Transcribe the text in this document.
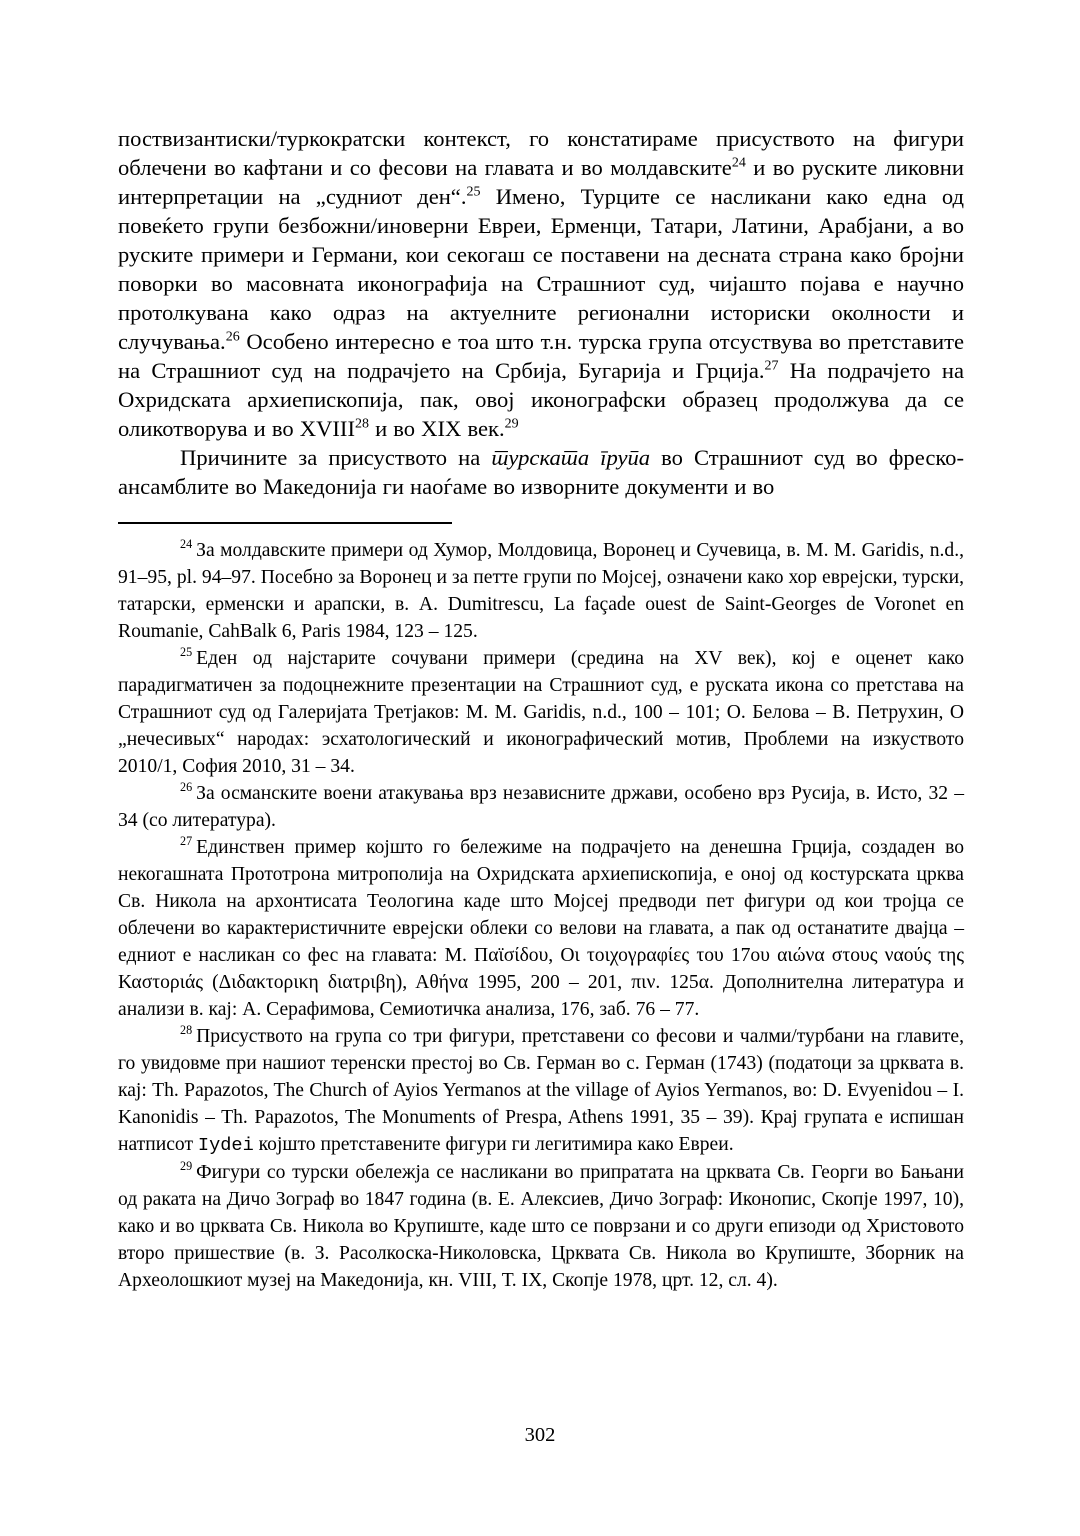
поствизантиски/туркократски контекст, го констатираме присуството на фигури облечени во кафтани и со фесови на главата и во молдавските$^{24}$ и во руските ликовни интерпретации на „судниот ден“.$^{25}$ Имено, Турците се насликани како една од повеќето групи безбожни/иноверни Евреи, Ерменци, Татари, Латини, Арабјани, а во руските примери и Германи, кои секогаш се поставени на десната страна како бројни поворки во масовната иконографија на Страшниот суд, чијашто појава е научно протолкувана како одраз на актуелните регионални историски околности и случувања.$^{26}$ Особено интересно е тоа што т.н. турска група отсуствува во претставите на Страшниот суд на подрачјето на Србија, Бугарија и Грција.$^{27}$ На подрачјето на Охридската архиепископија, пак, овој иконографски образец продолжува да се оликотворува и во XVIII$^{28}$ и во XIX век.$^{29}$

Причините за присуството на турската група во Страшниот суд во фреско-ансамблите во Македонија ги наоѓаме во изворните документи и во

$^{24}$ За молдавските примери од Хумор, Молдовица, Воронец и Сучевица, в. М. M. Garidis, n.d., 91–95, pl. 94–97. Посебно за Воронец и за петте групи по Мојсеј, означени како хор еврејски, турски, татарски, ерменски и арапски, в. A. Dumitrescu, La façade ouest de Saint-Georges de Voronet en Roumanie, CahBalk 6, Paris 1984, 123 – 125.

$^{25}$ Еден од најстарите сочувани примери (средина на XV век), кој е оценет како парадигматичен за подоцнежните презентации на Страшниот суд, е руската икона со претстава на Страшниот суд од Галеријата Третјаков: M. M. Garidis, n.d., 100 – 101; О. Белова – В. Петрухин, О „нечесивых“ народах: эсхатологический и иконографический мотив, Проблеми на изкуството 2010/1, София 2010, 31 – 34.

$^{26}$ За османските воени атакувања врз независните држави, особено врз Русија, в. Исто, 32 – 34 (со литература).

$^{27}$ Единствен пример којшто го бележиме на подрачјето на денешна Грција, создаден во некогашната Прототрона митрополија на Охридската архиепископија, е оној од костурската црква Св. Никола на архонтисата Теологина каде што Мојсеј предводи пет фигури од кои тројца се облечени во карактеристичните еврејски облеки со велови на главата, а пак од останатите двајца – едниот е насликан со фес на главата: М. Παϊσίδου, Οι τοιχογραφίες του 17ου αιώνα στους ναούς της Καστοριάς (Διδακτορικη διατριβη), Αθήνα 1995, 200 – 201, πιν. 125α. Дополнителна литература и анализи в. кај: А. Серафимова, Семиотичка анализа, 176, заб. 76 – 77.

$^{28}$ Присуството на група со три фигури, претставени со фесови и чалми/турбани на главите, го увидовме при нашиот теренски престој во Св. Герман во с. Герман (1743) (податоци за црквата в. кај: Th. Papazotos, The Church of Ayios Yermanos at the village of Ayios Yermanos, во: D. Evyenidou – I. Kanonidis – Th. Papazotos, The Monuments of Prespa, Athens 1991, 35 – 39). Крај групата е испишан натписот Iydei којшто претставените фигури ги легитимира како Евреи.

$^{29}$ Фигури со турски обележја се насликани во припратата на црквата Св. Георги во Бањани од раката на Дичо Зограф во 1847 година (в. Е. Алексиев, Дичо Зограф: Иконопис, Скопје 1997, 10), како и во црквата Св. Никола во Крупиште, каде што се поврзани и со други епизоди од Христовото второ пришествие (в. З. Расолкоска-Николовска, Црквата Св. Никола во Крупиште, Зборник на Археолошкиот музеј на Македонија, кн. VIII, Т. IX, Скопје 1978, црт. 12, сл. 4).

302
